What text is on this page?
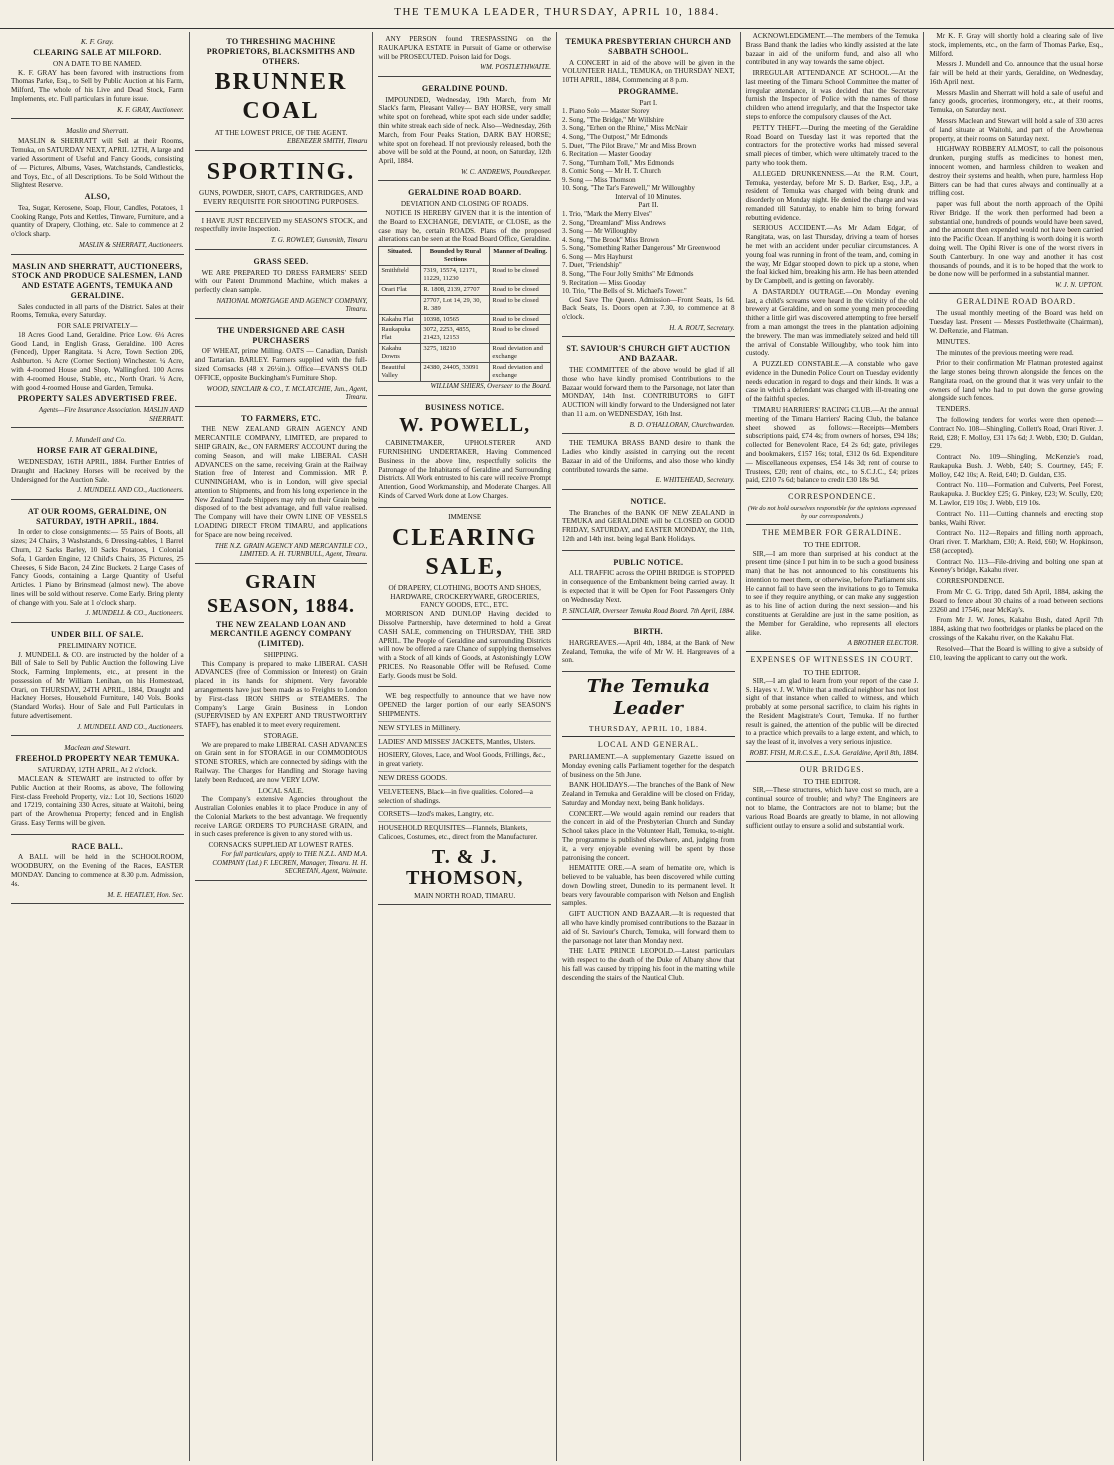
THE TEMUKA LEADER, THURSDAY, APRIL 10, 1884.
K. F. Gray.
CLEARING SALE AT MILFORD.
ON A DATE TO BE NAMED.

K. F. GRAY has been favored with instructions from Thomas Parke, Esq., to Sell by Public Auction at his Farm, Milford, The whole of his Live and Dead Stock, Farm Implements, etc. Full particulars in future issue.

K. F. GRAY, Auctioneer.
Maslin and Sherratt.

MASLIN & SHERRATT will Sell at their Rooms, Temuka, on SATURDAY NEXT, APRIL 12TH, A large and varied Assortment of Useful and Fancy Goods, consisting of — Pictures, Albums, Vases, Watchstands, Candlesticks, and Toys, Etc., of all Descriptions. To be Sold Without the Slightest Reserve.

ALSO,

Tea, Sugar, Kerosene, Soap, Flour, Candles, Potatoes, 1 Cooking Range, Pots and Kettles, Tinware, Furniture, and a quantity of Drapery, Clothing, etc. Sale to commence at 2 o'clock sharp.

MASLIN & SHERRATT, Auctioneers.
MASLIN AND SHERRATT, AUCTIONEERS, STOCK AND PRODUCE SALESMEN, LAND AND ESTATE AGENTS, TEMUKA AND GERALDINE.

Sales conducted in all parts of the District. Sales at their Rooms, Temuka, every Saturday.

FOR SALE PRIVATELY—

18 Acres Good Land, Geraldine. Price Low. 6¼ Acres Good Land, in English Grass, Geraldine. 100 Acres (Fenced), Upper Rangitata. ¼ Acre, Town Section 206, Ashburton. ¼ Acre (Corner Section) Winchester. ¼ Acre, with 4-roomed House and Shop, Wallingford. 100 Acres with 4-roomed House, Stable, etc., North Orari. ¼ Acre, with good 4-roomed House and Garden, Temuka.

PROPERTY SALES ADVERTISED FREE.
Agents—Fire Insurance Association. MASLIN AND SHERRATT.
J. Mundell and Co.
HORSE FAIR AT GERALDINE,

WEDNESDAY, 16TH APRIL, 1884. Further Entries of Draught and Hackney Horses will be received by the Undersigned for the Auction Sale.

J. MUNDELL AND CO., Auctioneers.
AT OUR ROOMS, GERALDINE, ON SATURDAY, 19TH APRIL, 1884.

In order to close consignments:— 55 Pairs of Boots, all sizes; 24 Chairs, 3 Washstands, 6 Dressing-tables, 1 Barrel Churn, 12 Sacks Barley, 10 Sacks Potatoes, 1 Colonial Sofa, 1 Garden Engine, 12 Child's Chairs, 35 Pictures, 25 Cheeses, 6 Side Bacon, 24 Zinc Buckets. 2 Large Cases of Fancy Goods, containing a Large Quantity of Useful Articles. 1 Piano by Brinsmead (almost new). The above lines will be sold without reserve. Come Early. Bring plenty of change with you. Sale at 1 o'clock sharp.

J. MUNDELL & CO., Auctioneers.
UNDER BILL OF SALE.
PRELIMINARY NOTICE.

J. MUNDELL & CO. are instructed by the holder of a Bill of Sale to Sell by Public Auction the following Live Stock, Farming Implements, etc., at present in the possession of Mr William Lenihan, on his Homestead, Orari, on THURSDAY, 24TH APRIL, 1884, Draught and Hackney Horses, Household Furniture, 140 Vols. Books (Standard Works). Hour of Sale and Full Particulars in future advertisement.

J. MUNDELL AND CO., Auctioneers.
Maclean and Stewart.
FREEHOLD PROPERTY NEAR TEMUKA.
SATURDAY, 12TH APRIL, At 2 o'clock.

MACLEAN & STEWART are instructed to offer by Public Auction at their Rooms, as above, The following First-class Freehold Property, viz.: Lot 10, Sections 16020 and 17219, containing 330 Acres, situate at Waitohi, being part of the Arowhenua Property; fenced and in English Grass. Easy Terms will be given.

RACE BALL.

A BALL will be held in the SCHOOLROOM, WOODBURY, on the Evening of the Races, EASTER MONDAY. Dancing to commence at 8.30 p.m. Admission, 4s.

M. E. HEATLEY, Hon. Sec.
TO THRESHING MACHINE PROPRIETORS, BLACKSMITHS AND OTHERS.
BRUNNER
COAL
AT THE LOWEST PRICE, OF THE AGENT.
EBENEZER SMITH, Timaru
SPORTING.
GUNS, POWDER, SHOT, CAPS, CARTRIDGES, AND EVERY REQUISITE FOR SHOOTING PURPOSES.

I HAVE JUST RECEIVED my SEASON'S STOCK, and respectfully invite Inspection.

T. G. ROWLEY, Gunsmith, Timaru
GRASS SEED.

WE ARE PREPARED TO DRESS FARMERS' SEED with our Patent Drummond Machine, which makes a perfectly clean sample.

NATIONAL MORTGAGE AND AGENCY COMPANY, Timaru.
THE UNDERSIGNED ARE CASH PURCHASERS

OF WHEAT, prime Milling. OATS — Canadian, Danish and Tartarian. BARLEY. Farmers supplied with the full-sized Cornsacks (48 x 26½in.). Office—EVANS'S OLD OFFICE, opposite Buckingham's Furniture Shop.

WOOD, SINCLAIR & CO., T. MCLATCHIE, Jun., Agent, Timaru.
TO FARMERS, ETC.

THE NEW ZEALAND GRAIN AGENCY AND MERCANTILE COMPANY, LIMITED, are prepared to SHIP GRAIN, &c., ON FARMERS' ACCOUNT during the coming Season, and will make LIBERAL CASH ADVANCES on the same, receiving Grain at the Railway Station free of Interest and Commission. MR P. CUNNINGHAM, who is in London, will give special attention to Shipments, and from his long experience in the New Zealand Trade Shippers may rely on their Grain being disposed of to the best advantage, and full value realised. The Company will have their OWN LINE OF VESSELS LOADING DIRECT FROM TIMARU, and applications for Space are now being received.

THE N.Z. GRAIN AGENCY AND MERCANTILE CO., LIMITED. A. H. TURNBULL, Agent, Timaru.
GRAIN
SEASON, 1884.
THE NEW ZEALAND LOAN AND MERCANTILE AGENCY COMPANY (LIMITED).
SHIPPING.

This Company is prepared to make LIBERAL CASH ADVANCES (free of Commission or Interest) on Grain placed in its hands for shipment. Very favorable arrangements have just been made as to Freights to London by First-class IRON SHIPS or STEAMERS. The Company's Large Grain Business in London (SUPERVISED by AN EXPERT AND TRUSTWORTHY STAFF), has enabled it to meet every requirement.

STORAGE.

We are prepared to make LIBERAL CASH ADVANCES on Grain sent in for STORAGE in our COMMODIOUS STONE STORES, which are connected by sidings with the Railway. The Charges for Handling and Storage having lately been Reduced, are now VERY LOW.

LOCAL SALE.

The Company's extensive Agencies throughout the Australian Colonies enables it to place Produce in any of the Colonial Markets to the best advantage. We frequently receive LARGE ORDERS TO PURCHASE GRAIN, and in such cases preference is given to any stored with us.

CORNSACKS SUPPLIED AT LOWEST RATES.
For full particulars, apply to THE N.Z.L. AND M.A. COMPANY (Ltd.) F. LECREN, Manager, Timaru. H. H. SECRETAN, Agent, Waimate.

ANY PERSON found TRESPASSING on the RAUKAPUKA ESTATE in Pursuit of Game or otherwise will be PROSECUTED. Poison laid for Dogs.

WM. POSTLETHWAITE.
GERALDINE POUND.

IMPOUNDED, Wednesday, 19th March, from Mr Slack's farm, Pleasant Valley— BAY HORSE, very small white spot on forehead, white spot each side under saddle; thin white streak each side of neck. Also—Wednesday, 26th March, from Four Peaks Station, DARK BAY HORSE; white spot on forehead. If not previously released, both the above will be sold at the Pound, at noon, on Saturday, 12th April, 1884.

W. C. ANDREWS, Poundkeeper.
GERALDINE ROAD BOARD.
DEVIATION AND CLOSING OF ROADS.

NOTICE IS HEREBY GIVEN that it is the intention of the Board to EXCHANGE, DEVIATE, or CLOSE, as the case may be, certain ROADS. Plans of the proposed alterations can be seen at the Road Board Office, Geraldine.

Situated.	Bounded by Rural Sections	Manner of Dealing.
Smithfield	7319, 15574, 12171, 11229, 11230	Road to be closed
Orari Flat	R. 1808, 2139, 27707	Road to be closed
	27707, Lot 14, 29, 30, R. 389	Road to be closed
Kakahu Flat	10398, 10565	Road to be closed
Raukapuka Flat	3072, 2253, 4855, 21423, 12153	Road to be closed
Kakahu Downs	3275, 18210	Road deviation and exchange
Beautiful Valley	24380, 24405, 33091	Road deviation and exchange
WILLIAM SHIERS, Overseer to the Board.
BUSINESS NOTICE.
W. POWELL,

CABINETMAKER, UPHOLSTERER AND FURNISHING UNDERTAKER, Having Commenced Business in the above line, respectfully solicits the Patronage of the Inhabitants of Geraldine and Surrounding Districts. All Work entrusted to his care will receive Prompt Attention, Good Workmanship, and Moderate Charges. All Kinds of Carved Work done at Low Charges.

IMMENSE
CLEARING
SALE,
Of DRAPERY, CLOTHING, BOOTS AND SHOES, HARDWARE, CROCKERYWARE, GROCERIES, FANCY GOODS, ETC., ETC.

MORRISON AND DUNLOP Having decided to Dissolve Partnership, have determined to hold a Great CASH SALE, commencing on THURSDAY, THE 3RD APRIL. The People of Geraldine and surrounding Districts will now be offered a rare Chance of supplying themselves with a Stock of all kinds of Goods, at Astonishingly LOW PRICES. No Reasonable Offer will be Refused. Come Early. Goods must be Sold.

WE beg respectfully to announce that we have now OPENED the larger portion of our early SEASON'S SHIPMENTS.

NEW STYLES in Millinery.
LADIES' AND MISSES' JACKETS, Mantles, Ulsters.
HOSIERY, Gloves, Lace, and Wool Goods, Frillings, &c., in great variety.
NEW DRESS GOODS.
VELVETEENS, Black—in five qualities. Colored—a selection of shadings.
CORSETS—Izod's makes, Langtry, etc.
HOUSEHOLD REQUISITES—Flannels, Blankets, Calicoes, Costumes, etc., direct from the Manufacturer.
T. & J. THOMSON,
MAIN NORTH ROAD, TIMARU.
TEMUKA PRESBYTERIAN CHURCH AND SABBATH SCHOOL.

A CONCERT in aid of the above will be given in the VOLUNTEER HALL, TEMUKA, on THURSDAY NEXT, 10TH APRIL, 1884, Commencing at 8 p.m.

PROGRAMME.
Part I.
1. Piano Solo — Master Storey
2. Song, "The Bridge," Mr Willshire
3. Song, "Erhen on the Rhine," Miss McNair
4. Song, "The Outpost," Mr Edmonds
5. Duet, "The Pilot Brave," Mr and Miss Brown
6. Recitation — Master Gooday
7. Song, "Turnham Toll," Mrs Edmonds
8. Comic Song — Mr H. T. Church
9. Song — Miss Thomson
10. Song, "The Tar's Farewell," Mr Willoughby
Interval of 10 Minutes.
Part II.
1. Trio, "Mark the Merry Elves"
2. Song, "Dreamland" Miss Andrews
3. Song — Mr Willoughby
4. Song, "The Brook" Miss Brown
5. Song, "Something Rather Dangerous" Mr Greenwood
6. Song — Mrs Hayhurst
7. Duet, "Friendship"
8. Song, "The Four Jolly Smiths" Mr Edmonds
9. Recitation — Miss Gooday
10. Trio, "The Bells of St. Michael's Tower."

God Save The Queen. Admission—Front Seats, 1s 6d. Back Seats, 1s. Doors open at 7.30, to commence at 8 o'clock.

H. A. ROUT, Secretary.
ST. SAVIOUR'S CHURCH GIFT AUCTION AND BAZAAR.

THE COMMITTEE of the above would be glad if all those who have kindly promised Contributions to the Bazaar would forward them to the Parsonage, not later than MONDAY, 14th Inst. CONTRIBUTORS to GIFT AUCTION will kindly forward to the Undersigned not later than 11 a.m. on WEDNESDAY, 16th Inst.

B. D. O'HALLORAN, Churchwarden.

THE TEMUKA BRASS BAND desire to thank the Ladies who kindly assisted in carrying out the recent Bazaar in aid of the Uniforms, and also those who kindly contributed towards the same.

E. WHITEHEAD, Secretary.
NOTICE.

The Branches of the BANK OF NEW ZEALAND in TEMUKA and GERALDINE will be CLOSED on GOOD FRIDAY, SATURDAY, and EASTER MONDAY, the 11th, 12th and 14th inst. being legal Bank Holidays.

PUBLIC NOTICE.

ALL TRAFFIC across the OPIHI BRIDGE is STOPPED in consequence of the Embankment being carried away. It is expected that it will be Open for Foot Passengers Only on Wednesday Next.

P. SINCLAIR, Overseer Temuka Road Board. 7th April, 1884.
BIRTH.

HARGREAVES.—April 4th, 1884, at the Bank of New Zealand, Temuka, the wife of Mr W. H. Hargreaves of a son.

The Temuka Leader
THURSDAY, APRIL 10, 1884.
LOCAL AND GENERAL.

PARLIAMENT.—A supplementary Gazette issued on Monday evening calls Parliament together for the despatch of business on the 5th June.

BANK HOLIDAYS.—The branches of the Bank of New Zealand in Temuka and Geraldine will be closed on Friday, Saturday and Monday next, being Bank holidays.

CONCERT.—We would again remind our readers that the concert in aid of the Presbyterian Church and Sunday School takes place in the Volunteer Hall, Temuka, to-night. The programme is published elsewhere, and, judging from it, a very enjoyable evening will be spent by those patronising the concert.

HEMATITE ORE.—A seam of hematite ore, which is believed to be valuable, has been discovered while cutting down Dowling street, Dunedin to its permanent level. It bears very favourable comparison with Nelson and English samples.

GIFT AUCTION AND BAZAAR.—It is requested that all who have kindly promised contributions to the Bazaar in aid of St. Saviour's Church, Temuka, will forward them to the parsonage not later than Monday next.

THE LATE PRINCE LEOPOLD.—Latest particulars with respect to the death of the Duke of Albany show that his fall was caused by tripping his foot in the matting while descending the stairs of the Nautical Club.

ACKNOWLEDGMENT.—The members of the Temuka Brass Band thank the ladies who kindly assisted at the late bazaar in aid of the uniform fund, and also all who contributed in any way towards the same object.

IRREGULAR ATTENDANCE AT SCHOOL.—At the last meeting of the Timaru School Committee the matter of irregular attendance, it was decided that the Secretary furnish the Inspector of Police with the names of those children who attend irregularly, and that the Inspector take steps to enforce the compulsory clauses of the Act.

PETTY THEFT.—During the meeting of the Geraldine Road Board on Tuesday last it was reported that the contractors for the protective works had missed several small pieces of timber, which were ultimately traced to the party who took them.

ALLEGED DRUNKENNESS.—At the R.M. Court, Temuka, yesterday, before Mr S. D. Barker, Esq., J.P., a resident of Temuka was charged with being drunk and disorderly on Monday night. He denied the charge and was remanded till Saturday, to enable him to bring forward rebutting evidence.

SERIOUS ACCIDENT.—As Mr Adam Edgar, of Rangitata, was, on last Thursday, driving a team of horses he met with an accident under peculiar circumstances. A young foal was running in front of the team, and, coming in the way, Mr Edgar stooped down to pick up a stone, when the foal kicked him, breaking his arm. He has been attended by Dr Campbell, and is getting on favorably.

A DASTARDLY OUTRAGE.—On Monday evening last, a child's screams were heard in the vicinity of the old brewery at Geraldine, and on some young men proceeding thither a little girl was discovered attempting to free herself from a man amongst the trees in the plantation adjoining the brewery. The man was immediately seized and held till the arrival of Constable Willoughby, who took him into custody.

A PUZZLED CONSTABLE.—A constable who gave evidence in the Dunedin Police Court on Tuesday evidently needs education in regard to dogs and their kinds. It was a case in which a defendant was charged with ill-treating one of the faithful species.

TIMARU HARRIERS' RACING CLUB.—At the annual meeting of the Timaru Harriers' Racing Club, the balance sheet showed as follows:—Receipts—Members subscriptions paid, £74 4s; from owners of horses, £94 18s; collected for Benevolent Race, £4 2s 6d; gate, privileges and bookmakers, £157 16s; total, £312 0s 6d. Expenditure — Miscellaneous expenses, £54 14s 3d; rent of course to Trustees, £20; rent of chains, etc., to S.C.J.C., £4; prizes paid, £210 7s 6d; balance to credit £30 18s 9d.

CORRESPONDENCE.
(We do not hold ourselves responsible for the opinions expressed by our correspondents.)
THE MEMBER FOR GERALDINE.
TO THE EDITOR.

SIR,—I am more than surprised at his conduct at the present time (since I put him in to be such a good business man) that he has not announced to his constituents his intention to meet them, or otherwise, before Parliament sits. He cannot fail to have seen the invitations to go to Temuka to see if they require anything, or can make any suggestion as to his line of action during the next session—and his constituents at Geraldine are just in the same position, as the Member for Geraldine, who represents all electors alike.

A BROTHER ELECTOR.
EXPENSES OF WITNESSES IN COURT.
TO THE EDITOR.

SIR,—I am glad to learn from your report of the case J. S. Hayes v. J. W. White that a medical neighbor has not lost sight of that instance when called to witness, and which probably at some personal sacrifice, to claim his rights in the Resident Magistrate's Court, Temuka. If no further result is gained, the attention of the public will be directed to a practice which prevails to a large extent, and which, to say the least of it, involves a very serious injustice.

ROBT. FISH, M.R.C.S.E., L.S.A. Geraldine, April 8th, 1884.
OUR BRIDGES.
TO THE EDITOR.

SIR,—These structures, which have cost so much, are a continual source of trouble; and why? The Engineers are not to blame, the Contractors are not to blame; but the various Road Boards are greatly to blame, in not allowing sufficient outlay to ensure a solid and substantial work.

Mr K. F. Gray will shortly hold a clearing sale of live stock, implements, etc., on the farm of Thomas Parke, Esq., Milford.

Messrs J. Mundell and Co. announce that the usual horse fair will be held at their yards, Geraldine, on Wednesday, 16th April next.

Messrs Maslin and Sherratt will hold a sale of useful and fancy goods, groceries, ironmongery, etc., at their rooms, Temuka, on Saturday next.

Messrs Maclean and Stewart will hold a sale of 330 acres of land situate at Waitohi, and part of the Arowhenua property, at their rooms on Saturday next.

HIGHWAY ROBBERY ALMOST, to call the poisonous drunken, purging stuffs as medicines to honest men, innocent women, and harmless children to weaken and destroy their systems and health, when pure, harmless Hop Bitters can be had that cures always and continually at a trifling cost.

paper was full about the north approach of the Opihi River Bridge. If the work then performed had been a substantial one, hundreds of pounds would have been saved, and the amount then expended would not have been carried into the Pacific Ocean. If anything is worth doing it is worth doing well. The Opihi River is one of the worst rivers in South Canterbury. In one way and another it has cost thousands of pounds, and it is to be hoped that the work to be done now will be performed in a substantial manner.

W. J. N. UPTON.
GERALDINE ROAD BOARD.

The usual monthly meeting of the Board was held on Tuesday last. Present — Messrs Postlethwaite (Chairman), W. DeRenzie, and Flatman.

MINUTES.

The minutes of the previous meeting were read.

Prior to their confirmation Mr Flatman protested against the large stones being thrown alongside the fences on the Rangitata road, on the ground that it was very unfair to the owners of land who had to put down the gorse growing alongside such fences.

TENDERS.

The following tenders for works were then opened:—Contract No. 108—Shingling, Collett's Road, Orari River. J. Reid, £28; F. Molloy, £31 17s 6d; J. Webb, £30; D. Guldan, £29.

Contract No. 109—Shingling, McKenzie's road, Raukapuka Bush. J. Webb, £40; S. Courtney, £45; F. Molloy, £42 10s; A. Reid, £40; D. Guldan, £35.

Contract No. 110—Formation and Culverts, Peel Forest, Raukapuka. J. Buckley £25; G. Pinkey, £23; W. Scully, £20; M. Lawlor, £19 10s; J. Webb, £19 10s.

Contract No. 111—Cutting channels and erecting stop banks, Waihi River.

Contract No. 112—Repairs and filling north approach, Orari river. T. Markham, £30; A. Reid, £60; W. Hopkinson, £58 (accepted).

Contract No. 113—File-driving and bolting one span at Keeney's bridge, Kakahu river.

CORRESPONDENCE.

From Mr C. G. Tripp, dated 5th April, 1884, asking the Board to fence about 30 chains of a road between sections 23260 and 17546, near McKay's.

From Mr J. W. Jones, Kakahu Bush, dated April 7th 1884, asking that two footbridges or planks be placed on the crossings of the Kakahu river, on the Kakahu Flat.

Resolved—That the Board is willing to give a subsidy of £10, leaving the applicant to carry out the work.
